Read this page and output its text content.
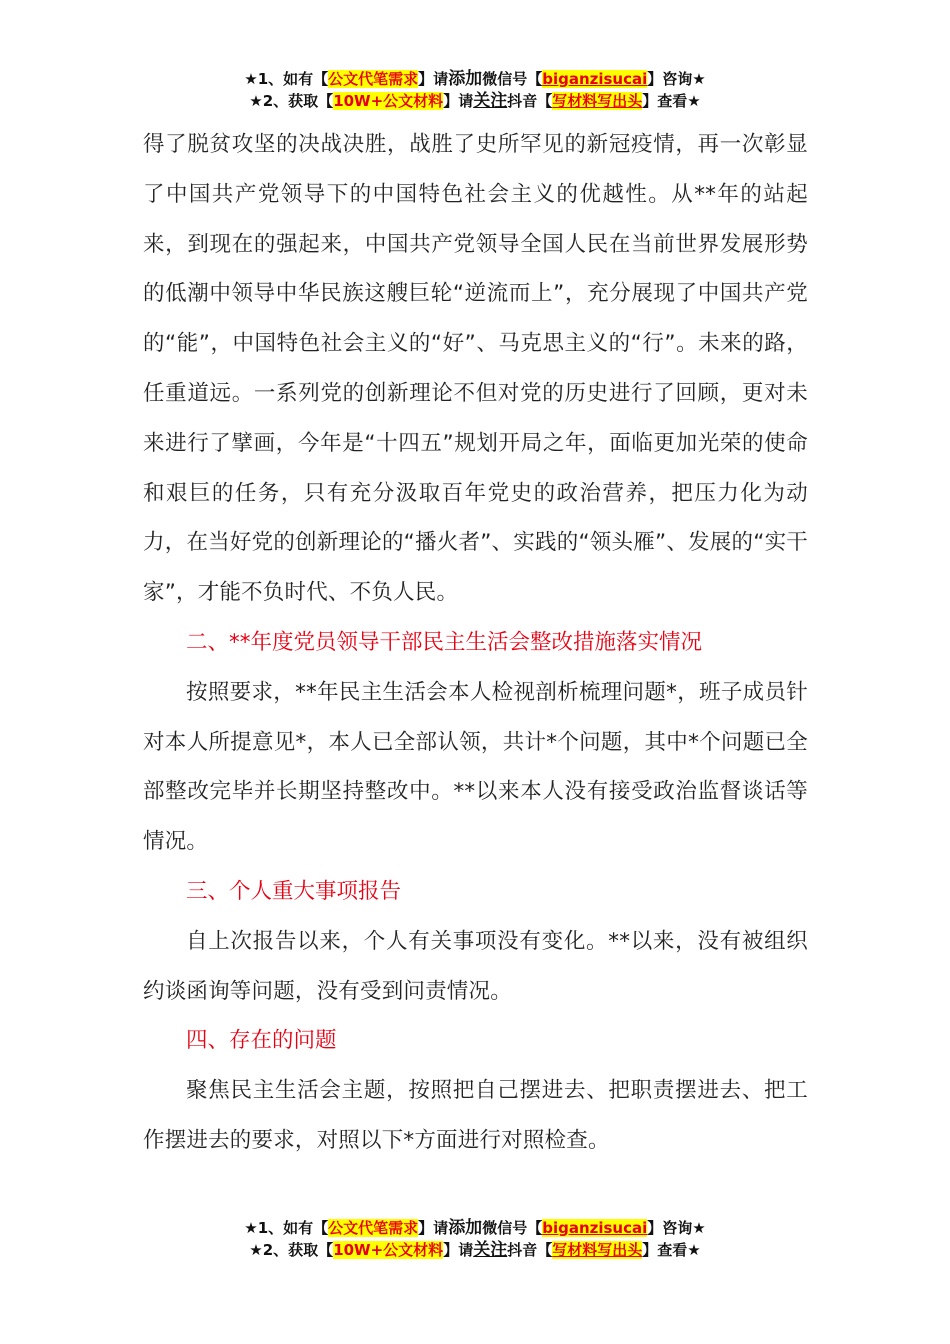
★1、如有【公文代笔需求】请添加微信号【biganzisucai】咨询★
★2、获取【10W+公文材料】请关注抖音【写材料写出头】查看★

得了脱贫攻坚的决战决胜，战胜了史所罕见的新冠疫情，再一次彰显了中国共产党领导下的中国特色社会主义的优越性。从**年的站起来，到现在的强起来，中国共产党领导全国人民在当前世界发展形势的低潮中领导中华民族这艘巨轮“逆流而上”，充分展现了中国共产党的“能”，中国特色社会主义的“好”、马克思主义的“行”。未来的路，任重道远。一系列党的创新理论不但对党的历史进行了回顾，更对未来进行了擘画，今年是“十四五”规划开局之年，面临更加光荣的使命和艰巨的任务，只有充分汲取百年党史的政治营养，把压力化为动力，在当好党的创新理论的“播火者”、实践的“领头雁”、发展的“实干家”，才能不负时代、不负人民。

二、**年度党员领导干部民主生活会整改措施落实情况

按照要求，**年民主生活会本人检视剖析梳理问题*，班子成员针对本人所提意见*，本人已全部认领，共计*个问题，其中*个问题已全部整改完毕并长期坚持整改中。**以来本人没有接受政治监督谈话等情况。

三、个人重大事项报告

自上次报告以来，个人有关事项没有变化。**以来，没有被组织约谈函询等问题，没有受到问责情况。

四、存在的问题

聚焦民主生活会主题，按照把自己摆进去、把职责摆进去、把工作摆进去的要求，对照以下*方面进行对照检查。

★1、如有【公文代笔需求】请添加微信号【biganzisucai】咨询★
★2、获取【10W+公文材料】请关注抖音【写材料写出头】查看★
